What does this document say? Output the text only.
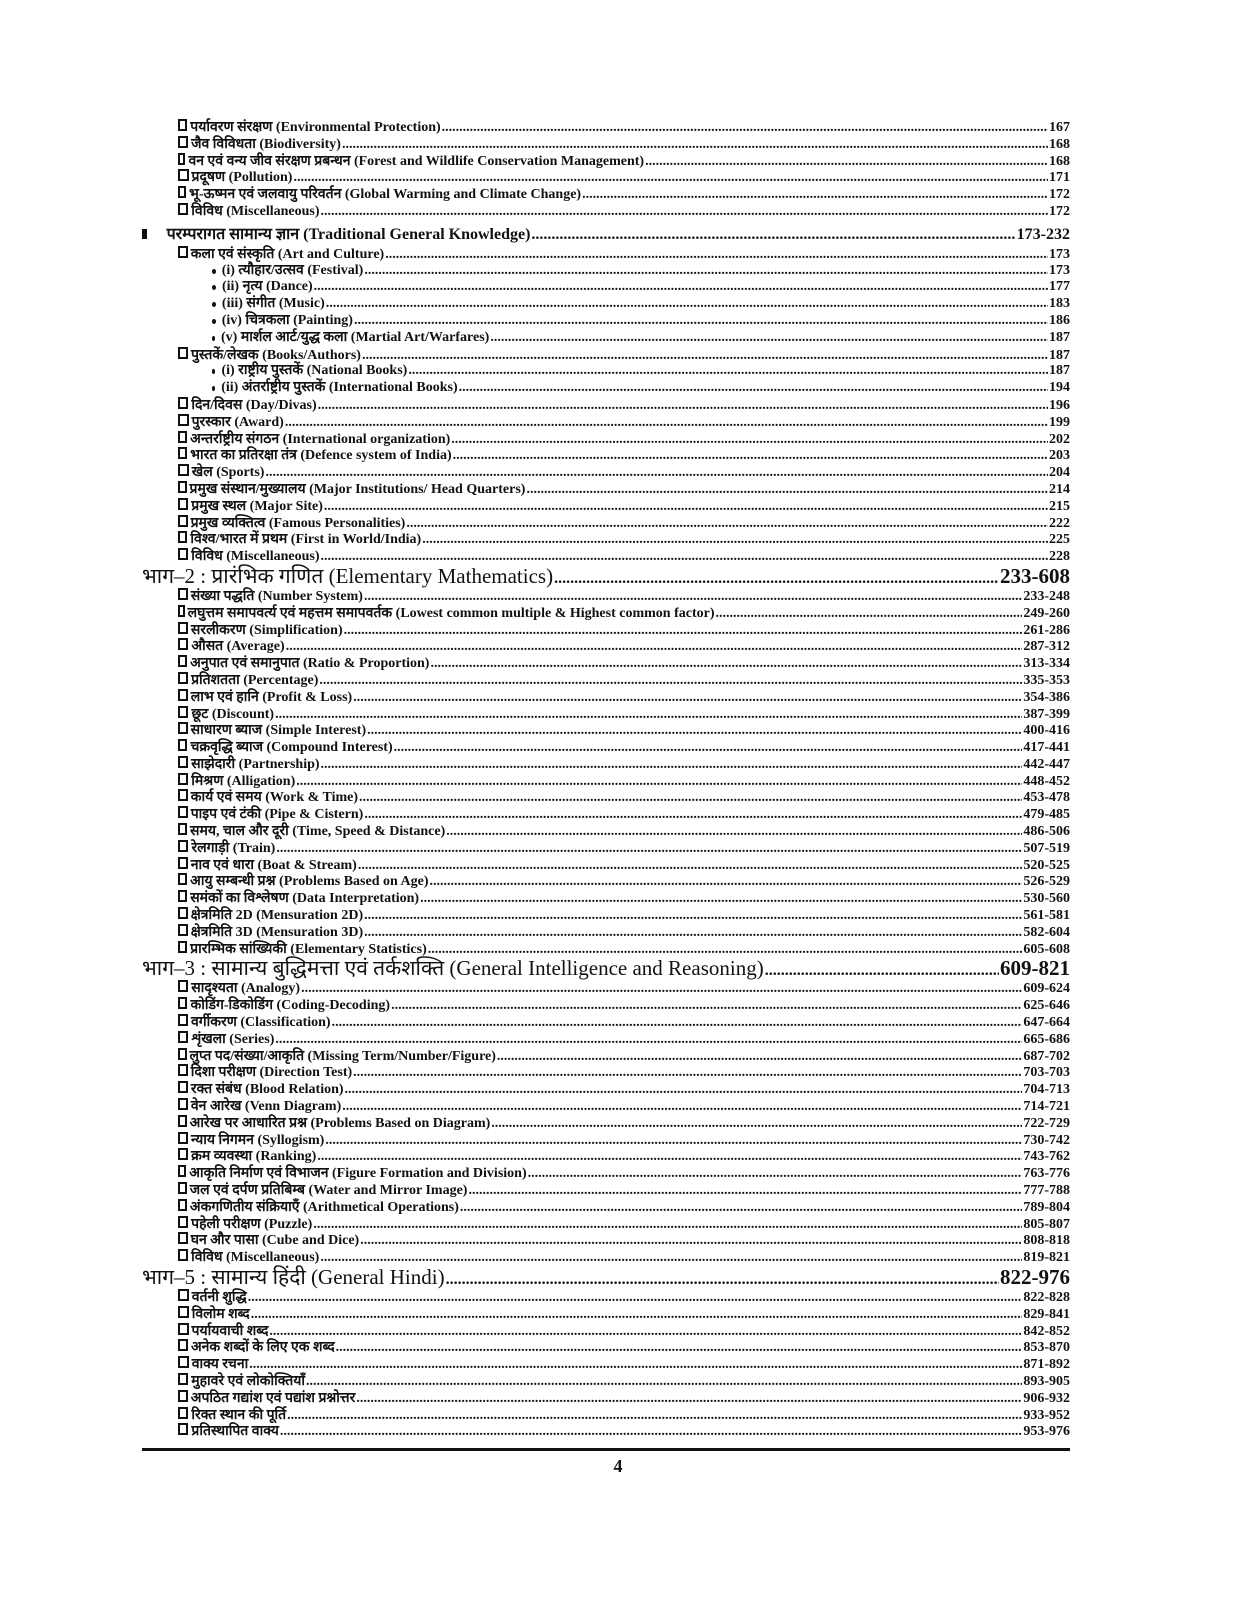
पर्यावरण संरक्षण (Environmental Protection) .....	167
जैव विविधता (Biodiversity) .....	168
वन एवं वन्य जीव संरक्षण प्रबन्धन (Forest and Wildlife Conservation Management) .....	168
प्रदूषण (Pollution) .....	171
भू-ऊष्मन एवं जलवायु परिवर्तन (Global Warming and Climate Change) .....	172
विविध (Miscellaneous) .....	172
परम्परागत सामान्य ज्ञान (Traditional General Knowledge) .....	173-232
कला एवं संस्कृति (Art and Culture) .....	173
(i) त्यौहार/उत्सव (Festival) .....	173
(ii) नृत्य (Dance) .....	177
(iii) संगीत (Music) .....	183
(iv) चित्रकला (Painting) .....	186
(v) मार्शल आर्ट/युद्ध कला (Martial Art/Warfares) .....	187
पुस्तकें/लेखक (Books/Authors) .....	187
(i) राष्ट्रीय पुस्तकें (National Books) .....	187
(ii) अंतर्राष्ट्रीय पुस्तकें (International Books) .....	194
दिन/दिवस (Day/Divas) .....	196
पुरस्कार (Award) .....	199
अन्तर्राष्ट्रीय संगठन (International organization) .....	202
भारत का प्रतिरक्षा तंत्र (Defence system of India) .....	203
खेल (Sports) .....	204
प्रमुख संस्थान/मुख्यालय (Major Institutions/ Head Quarters) .....	214
प्रमुख स्थल (Major Site) .....	215
प्रमुख व्यक्तित्व (Famous Personalities) .....	222
विश्व/भारत में प्रथम (First in World/India) .....	225
विविध (Miscellaneous) .....	228
भाग–2 : प्रारंभिक गणित (Elementary Mathematics) .....	233-608
संख्या पद्धति (Number System) .....	233-248
लघुत्तम समापवर्त्य एवं महत्तम समापवर्तक (Lowest common multiple & Highest common factor) .....	249-260
सरलीकरण (Simplification) .....	261-286
औसत (Average) .....	287-312
अनुपात एवं समानुपात (Ratio & Proportion) .....	313-334
प्रतिशतता (Percentage) .....	335-353
लाभ एवं हानि (Profit & Loss) .....	354-386
छूट (Discount) .....	387-399
साधारण ब्याज (Simple Interest) .....	400-416
चक्रवृद्धि ब्याज (Compound Interest) .....	417-441
साझेदारी (Partnership) .....	442-447
मिश्रण (Alligation) .....	448-452
कार्य एवं समय (Work & Time) .....	453-478
पाइप एवं टंकी (Pipe & Cistern) .....	479-485
समय, चाल और दूरी (Time, Speed & Distance) .....	486-506
रेलगाड़ी (Train) .....	507-519
नाव एवं धारा (Boat & Stream) .....	520-525
आयु सम्बन्धी प्रश्न (Problems Based on Age) .....	526-529
समंकों का विश्लेषण (Data Interpretation) .....	530-560
क्षेत्रमिति 2D (Mensuration 2D) .....	561-581
क्षेत्रमिति 3D (Mensuration 3D) .....	582-604
प्रारम्भिक सांख्यिकी (Elementary Statistics) .....	605-608
भाग–3 : सामान्य बुद्धिमत्ता एवं तर्कशक्ति (General Intelligence and Reasoning) .....	609-821
सादृश्यता (Analogy) .....	609-624
कोडिंग-डिकोडिंग (Coding-Decoding) .....	625-646
वर्गीकरण (Classification) .....	647-664
शृंखला (Series) .....	665-686
लुप्त पद/संख्या/आकृति (Missing Term/Number/Figure) .....	687-702
दिशा परीक्षण (Direction Test) .....	703-703
रक्त संबंध (Blood Relation) .....	704-713
वेन आरेख (Venn Diagram) .....	714-721
आरेख पर आधारित प्रश्न (Problems Based on Diagram) .....	722-729
न्याय निगमन (Syllogism) .....	730-742
क्रम व्यवस्था (Ranking) .....	743-762
आकृति निर्माण एवं विभाजन (Figure Formation and Division) .....	763-776
जल एवं दर्पण प्रतिबिम्ब (Water and Mirror Image) .....	777-788
अंकगणितीय संक्रियाएँ (Arithmetical Operations) .....	789-804
पहेली परीक्षण (Puzzle) .....	805-807
घन और पासा (Cube and Dice) .....	808-818
विविध (Miscellaneous) .....	819-821
भाग–5 : सामान्य हिंदी (General Hindi) .....	822-976
वर्तनी शुद्धि .....	822-828
विलोम शब्द .....	829-841
पर्यायवाची शब्द .....	842-852
अनेक शब्दों के लिए एक शब्द .....	853-870
वाक्य रचना .....	871-892
मुहावरे एवं लोकोक्तियाँ .....	893-905
अपठित गद्यांश एवं पद्यांश प्रश्नोत्तर .....	906-932
रिक्त स्थान की पूर्ति .....	933-952
प्रतिस्थापित वाक्य .....	953-976
4
